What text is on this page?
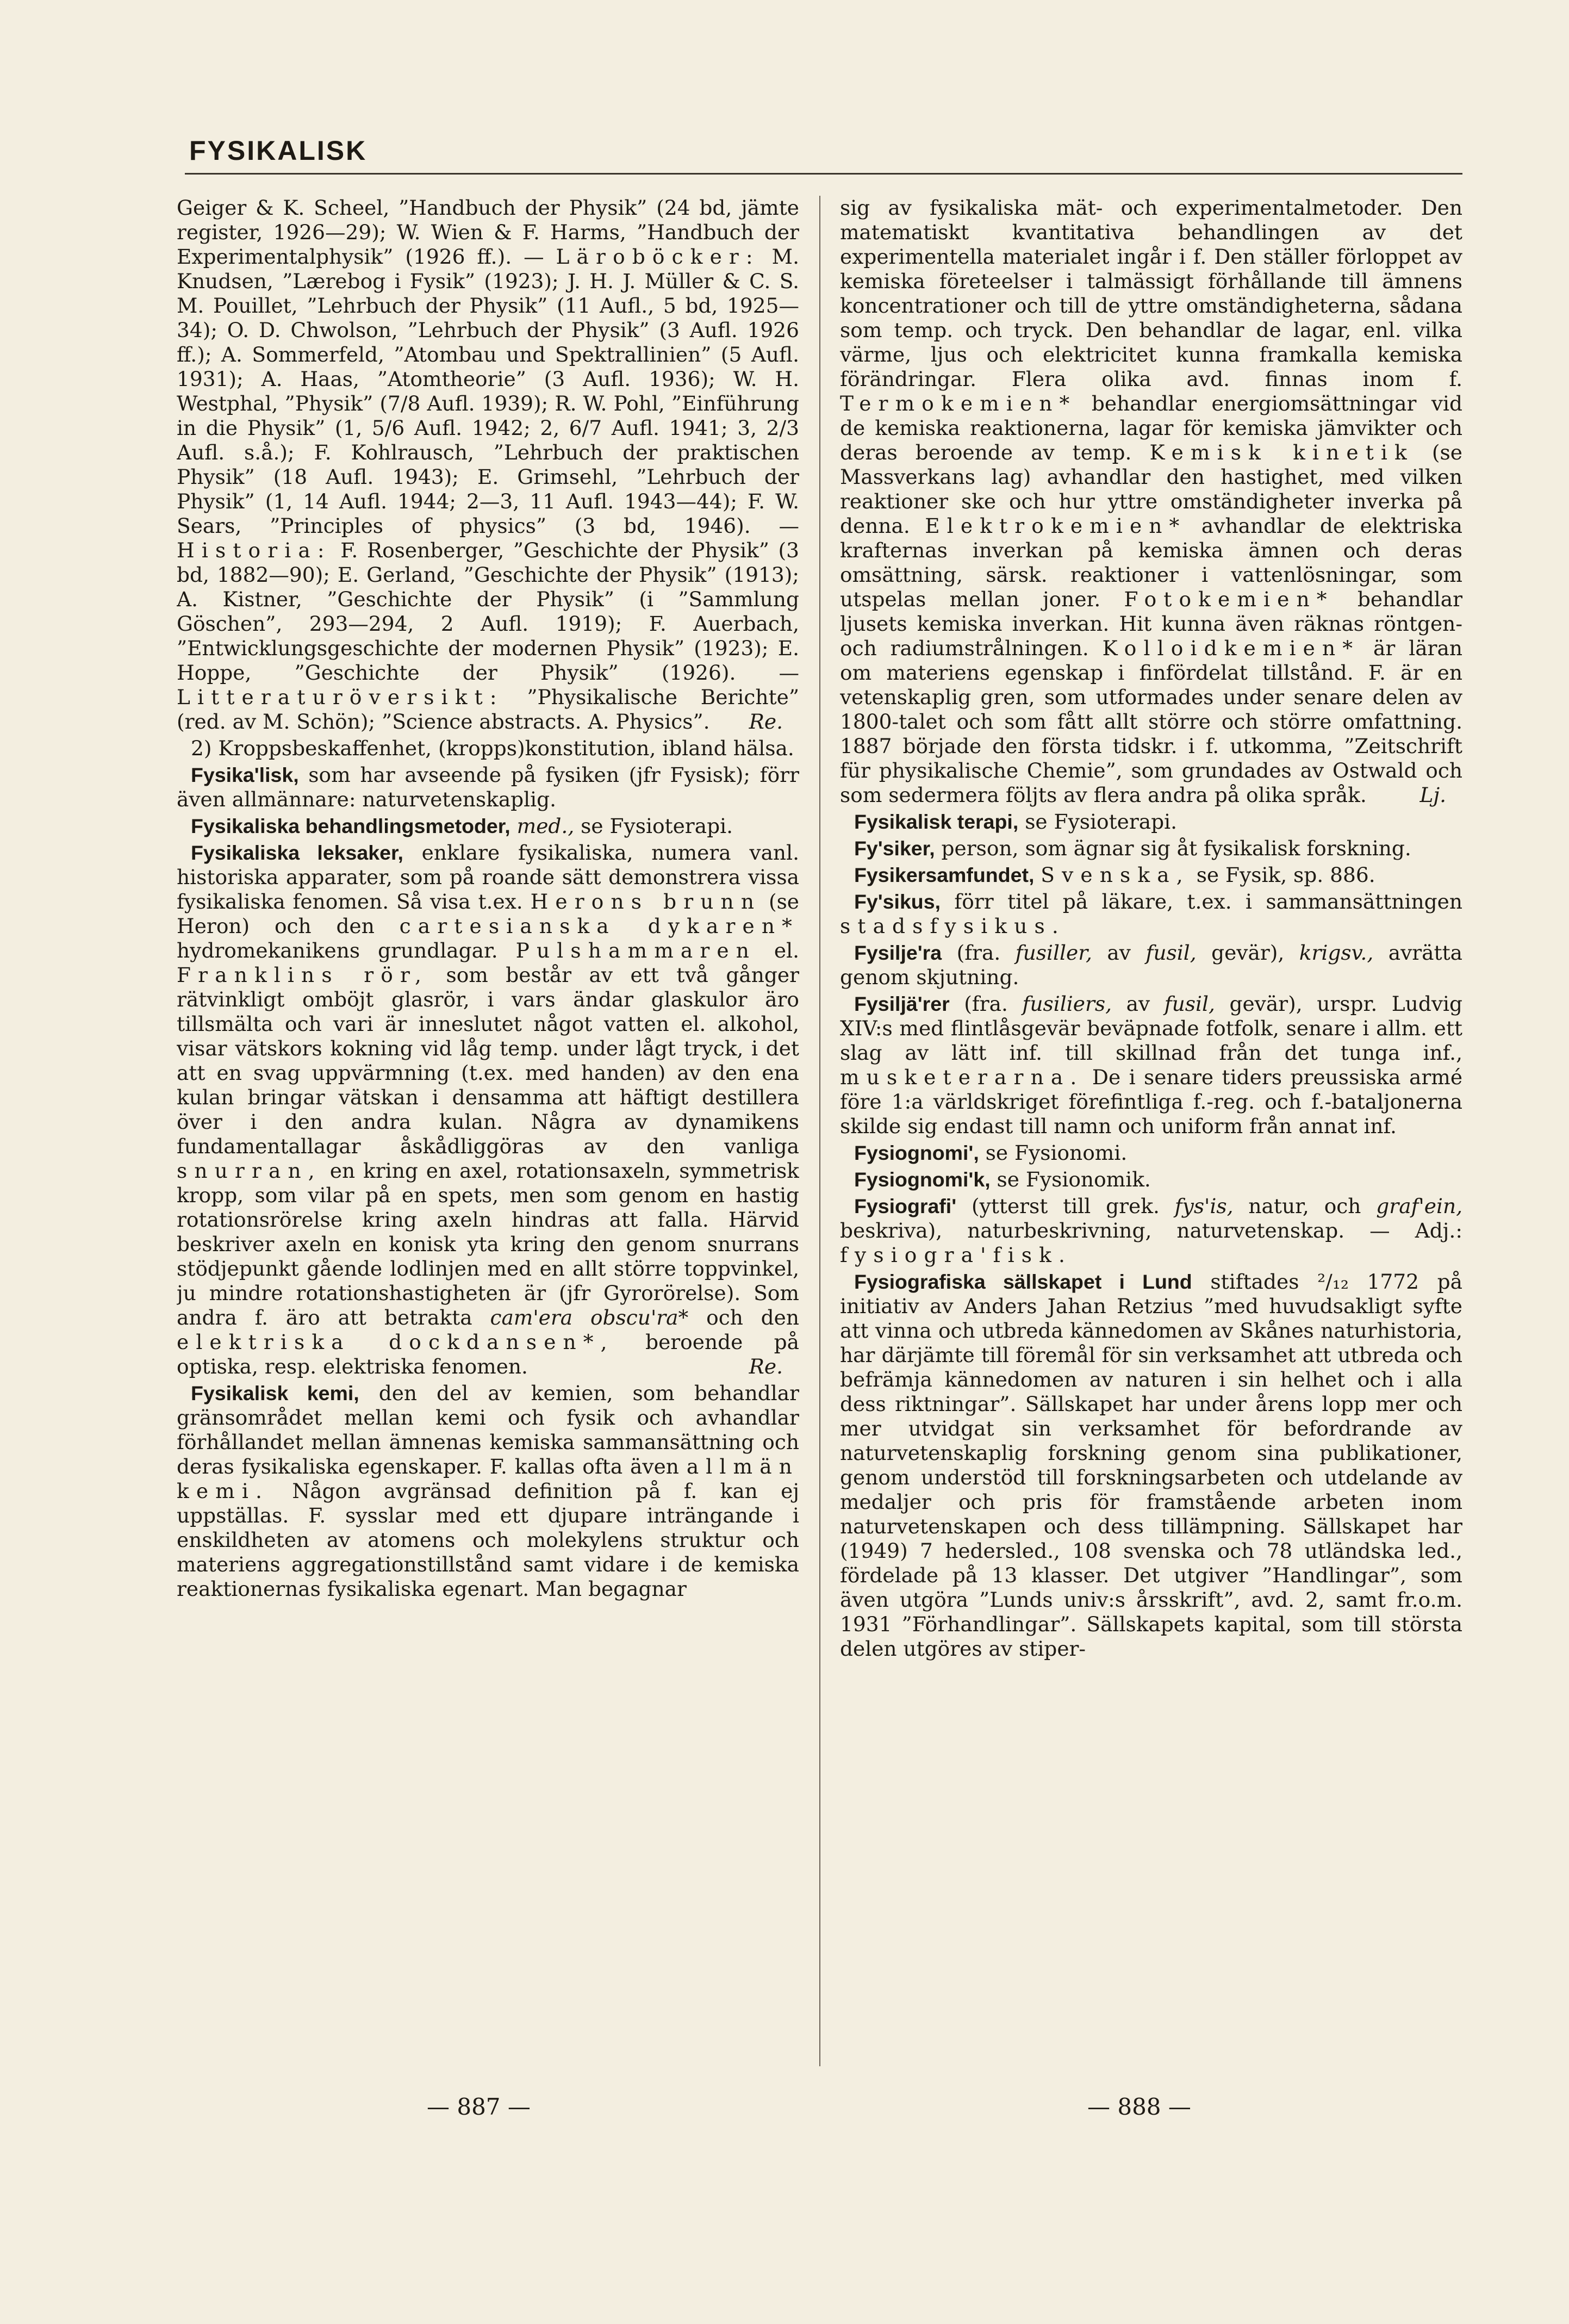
FYSIKALISK

Geiger & K. Scheel, ”Handbuch der Physik” (24 bd, jämte register, 1926—29); W. Wien & F. Harms, ”Handbuch der Experimentalphysik” (1926 ff.). — Läroböcker: M. Knudsen, ”Lærebog i Fysik” (1923); J. H. J. Müller & C. S. M. Pouillet, ”Lehrbuch der Physik” (11 Aufl., 5 bd, 1925—34); O. D. Chwolson, ”Lehrbuch der Physik” (3 Aufl. 1926 ff.); A. Sommerfeld, ”Atombau und Spektrallinien” (5 Aufl. 1931); A. Haas, ”Atomtheorie” (3 Aufl. 1936); W. H. Westphal, ”Physik” (7/8 Aufl. 1939); R. W. Pohl, ”Einführung in die Physik” (1, 5/6 Aufl. 1942; 2, 6/7 Aufl. 1941; 3, 2/3 Aufl. s.å.); F. Kohlrausch, ”Lehrbuch der praktischen Physik” (18 Aufl. 1943); E. Grimsehl, ”Lehrbuch der Physik” (1, 14 Aufl. 1944; 2—3, 11 Aufl. 1943—44); F. W. Sears, ”Principles of physics” (3 bd, 1946). — Historia: F. Rosenberger, ”Geschichte der Physik” (3 bd, 1882—90); E. Gerland, ”Geschichte der Physik” (1913); A. Kistner, ”Geschichte der Physik” (i ”Sammlung Göschen”, 293—294, 2 Aufl. 1919); F. Auerbach, ”Entwicklungsgeschichte der modernen Physik” (1923); E. Hoppe, ”Geschichte der Physik” (1926). — Litteraturöversikt: ”Physikalische Berichte” (red. av M. Schön); ”Science abstracts. A. Physics”. Re.

2) Kroppsbeskaffenhet, (kropps)konstitution, ibland hälsa.

Fysika'lisk, som har avseende på fysiken (jfr Fysisk); förr även allmännare: naturvetenskaplig.

Fysikaliska behandlingsmetoder, med., se Fysioterapi.

Fysikaliska leksaker, enklare fysikaliska, numera vanl. historiska apparater, som på roande sätt demonstrera vissa fysikaliska fenomen. Så visa t.ex. Herons brunn (se Heron) och den cartesianska dykaren* hydromekanikens grundlagar. Pulshammaren el. Franklins rör, som består av ett två gånger rätvinkligt omböjt glasrör, i vars ändar glaskulor äro tillsmälta och vari är inneslutet något vatten el. alkohol, visar vätskors kokning vid låg temp. under lågt tryck, i det att en svag uppvärmning (t.ex. med handen) av den ena kulan bringar vätskan i densamma att häftigt destillera över i den andra kulan. Några av dynamikens fundamentallagar åskådliggöras av den vanliga snurran, en kring en axel, rotationsaxeln, symmetrisk kropp, som vilar på en spets, men som genom en hastig rotationsrörelse kring axeln hindras att falla. Härvid beskriver axeln en konisk yta kring den genom snurrans stödjepunkt gående lodlinjen med en allt större toppvinkel, ju mindre rotationshastigheten är (jfr Gyrorörelse). Som andra f. äro att betrakta cam'era obscu'ra* och den elektriska dockdansen*, beroende på optiska, resp. elektriska fenomen.	Re.

Fysikalisk kemi, den del av kemien, som behandlar gränsområdet mellan kemi och fysik och avhandlar förhållandet mellan ämnenas kemiska sammansättning och deras fysikaliska egenskaper. F. kallas ofta även allmän kemi. Någon avgränsad definition på f. kan ej uppställas. F. sysslar med ett djupare inträngande i enskildheten av atomens och molekylens struktur och materiens aggregationstillstånd samt vidare i de kemiska reaktionernas fysikaliska egenart. Man begagnar

sig av fysikaliska mät- och experimentalmetoder. Den matematiskt kvantitativa behandlingen av det experimentella materialet ingår i f. Den ställer förloppet av kemiska företeelser i talmässigt förhållande till ämnens koncentrationer och till de yttre omständigheterna, sådana som temp. och tryck. Den behandlar de lagar, enl. vilka värme, ljus och elektricitet kunna framkalla kemiska förändringar. Flera olika avd. finnas inom f. Termokemien* behandlar energiomsättningar vid de kemiska reaktionerna, lagar för kemiska jämvikter och deras beroende av temp. Kemisk kinetik (se Massverkans lag) avhandlar den hastighet, med vilken reaktioner ske och hur yttre omständigheter inverka på denna. Elektrokemien* avhandlar de elektriska krafternas inverkan på kemiska ämnen och deras omsättning, särsk. reaktioner i vattenlösningar, som utspelas mellan joner. Fotokemien* behandlar ljusets kemiska inverkan. Hit kunna även räknas röntgen- och radiumstrålningen. Kolloidkemien* är läran om materiens egenskap i finfördelat tillstånd. F. är en vetenskaplig gren, som utformades under senare delen av 1800-talet och som fått allt större och större omfattning. 1887 började den första tidskr. i f. utkomma, ”Zeitschrift für physikalische Chemie”, som grundades av Ostwald och som sedermera följts av flera andra på olika språk.	Lj.

Fysikalisk terapi, se Fysioterapi.

Fy'siker, person, som ägnar sig åt fysikalisk forskning.

Fysikersamfundet, Svenska, se Fysik, sp. 886.

Fy'sikus, förr titel på läkare, t.ex. i sammansättningen stadsfysikus.

Fysilje'ra (fra. fusiller, av fusil, gevär), krigsv., avrätta genom skjutning.

Fysiljä'rer (fra. fusiliers, av fusil, gevär), urspr. Ludvig XIV:s med flintlåsgevär beväpnade fotfolk, senare i allm. ett slag av lätt inf. till skillnad från det tunga inf., musketerarna. De i senare tiders preussiska armé före 1:a världskriget förefintliga f.-reg. och f.-bataljonerna skilde sig endast till namn och uniform från annat inf.

Fysiognomi', se Fysionomi.

Fysiognomi'k, se Fysionomik.

Fysiografi' (ytterst till grek. fys'is, natur, och graf'ein, beskriva), naturbeskrivning, naturvetenskap. — Adj.: fysiogra'fisk.

Fysiografiska sällskapet i Lund stiftades ²/₁₂ 1772 på initiativ av Anders Jahan Retzius ”med huvudsakligt syfte att vinna och utbreda kännedomen av Skånes naturhistoria, har därjämte till föremål för sin verksamhet att utbreda och befrämja kännedomen av naturen i sin helhet och i alla dess riktningar”. Sällskapet har under årens lopp mer och mer utvidgat sin verksamhet för befordrande av naturvetenskaplig forskning genom sina publikationer, genom understöd till forskningsarbeten och utdelande av medaljer och pris för framstående arbeten inom naturvetenskapen och dess tillämpning. Sällskapet har (1949) 7 hedersled., 108 svenska och 78 utländska led., fördelade på 13 klasser. Det utgiver ”Handlingar”, som även utgöra ”Lunds univ:s årsskrift”, avd. 2, samt fr.o.m. 1931 ”Förhandlingar”. Sällskapets kapital, som till största delen utgöres av stiper-

— 887 —	— 888 —
